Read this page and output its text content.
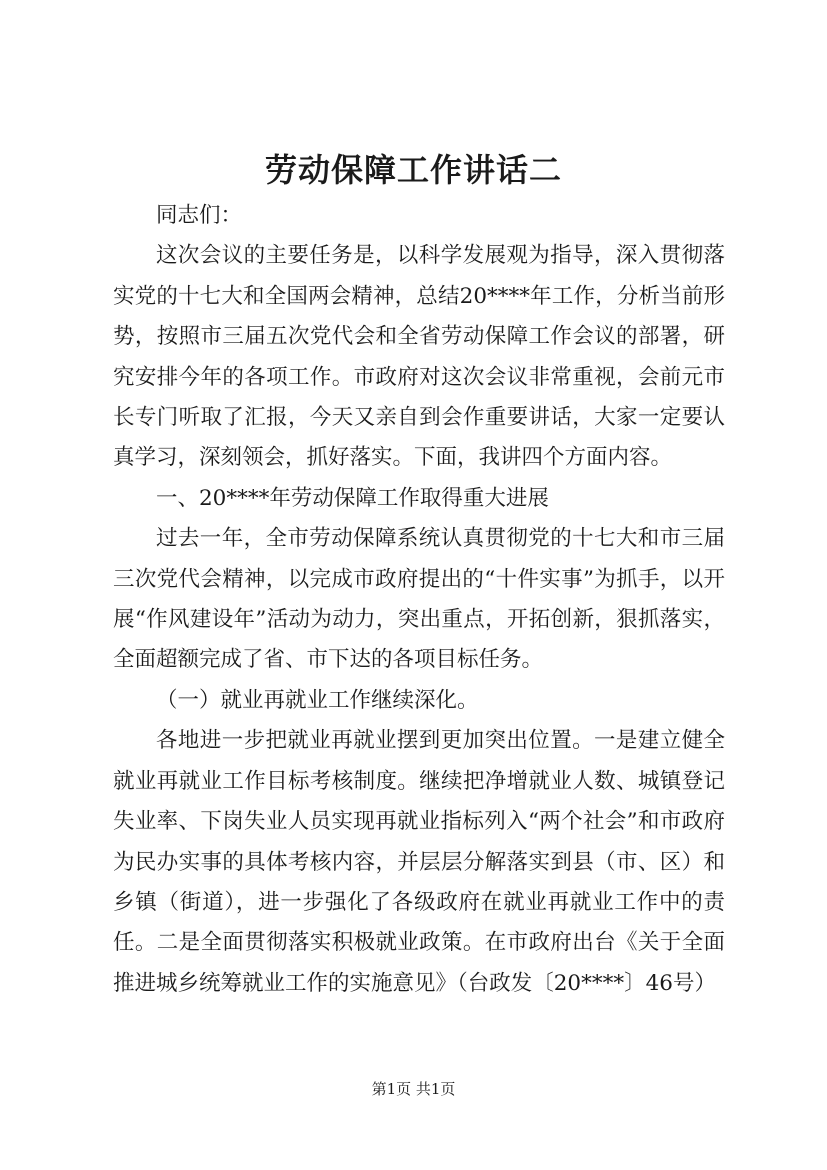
劳动保障工作讲话二

同志们：

这次会议的主要任务是，以科学发展观为指导，深入贯彻落实党的十七大和全国两会精神，总结20****年工作，分析当前形势，按照市三届五次党代会和全省劳动保障工作会议的部署，研究安排今年的各项工作。市政府对这次会议非常重视，会前元市长专门听取了汇报，今天又亲自到会作重要讲话，大家一定要认真学习，深刻领会，抓好落实。下面，我讲四个方面内容。

一、20****年劳动保障工作取得重大进展

过去一年，全市劳动保障系统认真贯彻党的十七大和市三届三次党代会精神，以完成市政府提出的“十件实事”为抓手，以开展“作风建设年”活动为动力，突出重点，开拓创新，狠抓落实，全面超额完成了省、市下达的各项目标任务。

（一）就业再就业工作继续深化。

各地进一步把就业再就业摆到更加突出位置。一是建立健全就业再就业工作目标考核制度。继续把净增就业人数、城镇登记失业率、下岗失业人员实现再就业指标列入“两个社会”和市政府为民办实事的具体考核内容，并层层分解落实到县（市、区）和乡镇（街道），进一步强化了各级政府在就业再就业工作中的责任。二是全面贯彻落实积极就业政策。在市政府出台《关于全面推进城乡统筹就业工作的实施意见》（台政发〔20****〕46号）

第1页 共1页
